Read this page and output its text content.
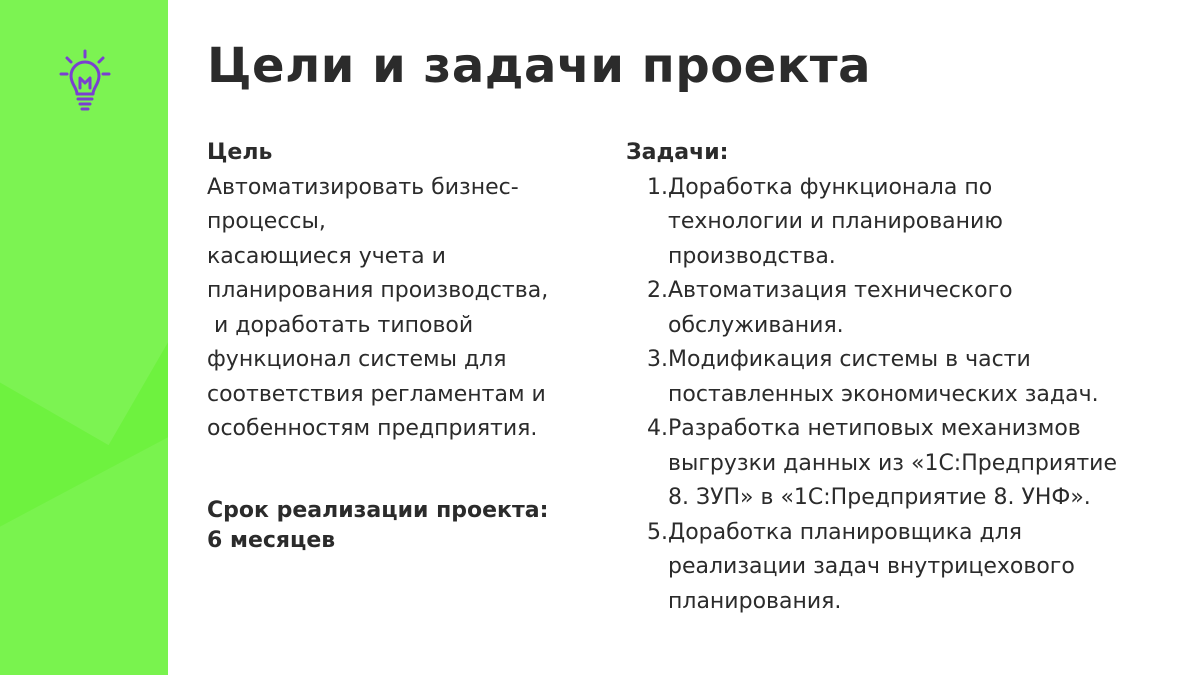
Цели и задачи проекта
Цель
Автоматизировать бизнес-
процессы,
касающиеся учета и
планирования производства,
и доработать типовой
функционал системы для
соответствия регламентам и
особенностям предприятия.
Срок реализации проекта:
6 месяцев
Задачи:
1. Доработка функционала по
технологии и планированию
производства.
2. Автоматизация технического
обслуживания.
3. Модификация системы в части
поставленных экономических задач.
4. Разработка нетиповых механизмов
выгрузки данных из «1С:Предприятие
8. ЗУП» в «1С:Предприятие 8. УНФ».
5. Доработка планировщика для
реализации задач внутрицехового
планирования.
